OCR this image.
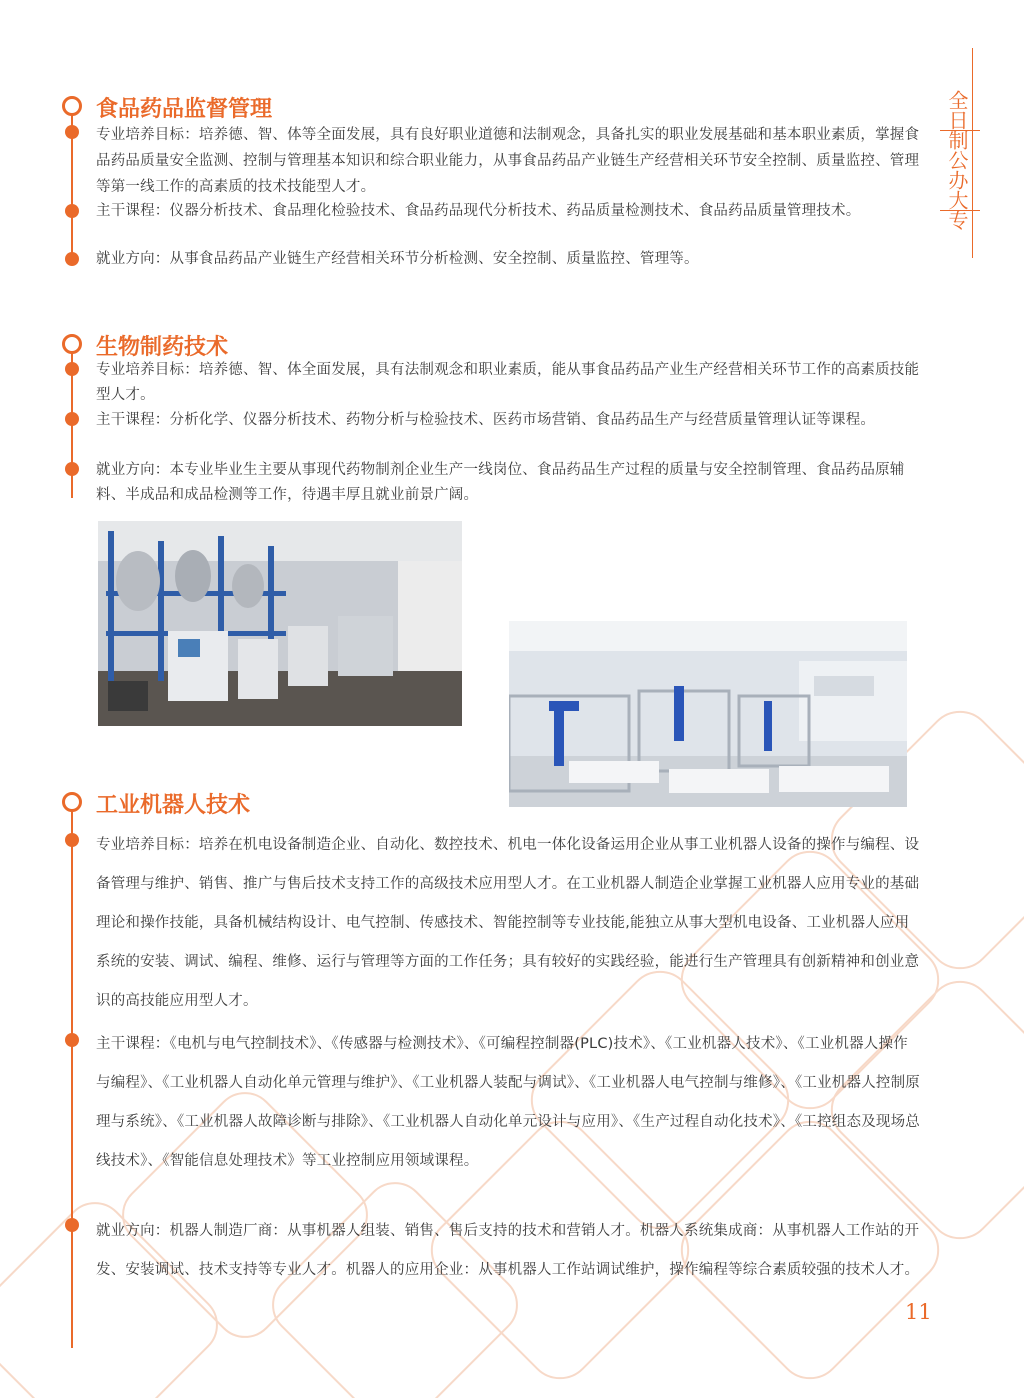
全日制公办大专
食品药品监督管理
专业培养目标：培养德、智、体等全面发展，具有良好职业道德和法制观念，具备扎实的职业发展基础和基本职业素质，掌握食品药品质量安全监测、控制与管理基本知识和综合职业能力，从事食品药品产业链生产经营相关环节安全控制、质量监控、管理等第一线工作的高素质的技术技能型人才。
主干课程：仪器分析技术、食品理化检验技术、食品药品现代分析技术、药品质量检测技术、食品药品质量管理技术。
就业方向：从事食品药品产业链生产经营相关环节分析检测、安全控制、质量监控、管理等。
生物制药技术
专业培养目标：培养德、智、体全面发展，具有法制观念和职业素质，能从事食品药品产业生产经营相关环节工作的高素质技能型人才。
主干课程：分析化学、仪器分析技术、药物分析与检验技术、医药市场营销、食品药品生产与经营质量管理认证等课程。
就业方向：本专业毕业生主要从事现代药物制剂企业生产一线岗位、食品药品生产过程的质量与安全控制管理、食品药品原辅料、半成品和成品检测等工作，待遇丰厚且就业前景广阔。
工业机器人技术
专业培养目标：培养在机电设备制造企业、自动化、数控技术、机电一体化设备运用企业从事工业机器人设备的操作与编程、设备管理与维护、销售、推广与售后技术支持工作的高级技术应用型人才。在工业机器人制造企业掌握工业机器人应用专业的基础理论和操作技能，具备机械结构设计、电气控制、传感技术、智能控制等专业技能,能独立从事大型机电设备、工业机器人应用系统的安装、调试、编程、维修、运行与管理等方面的工作任务；具有较好的实践经验，能进行生产管理具有创新精神和创业意识的高技能应用型人才。
主干课程：《电机与电气控制技术》、《传感器与检测技术》、《可编程控制器(PLC)技术》、《工业机器人技术》、《工业机器人操作与编程》、《工业机器人自动化单元管理与维护》、《工业机器人装配与调试》、《工业机器人电气控制与维修》、《工业机器人控制原理与系统》、《工业机器人故障诊断与排除》、《工业机器人自动化单元设计与应用》、《生产过程自动化技术》、《工控组态及现场总线技术》、《智能信息处理技术》等工业控制应用领域课程。
就业方向：机器人制造厂商：从事机器人组装、销售、售后支持的技术和营销人才。机器人系统集成商：从事机器人工作站的开发、安装调试、技术支持等专业人才。机器人的应用企业：从事机器人工作站调试维护，操作编程等综合素质较强的技术人才。
11
